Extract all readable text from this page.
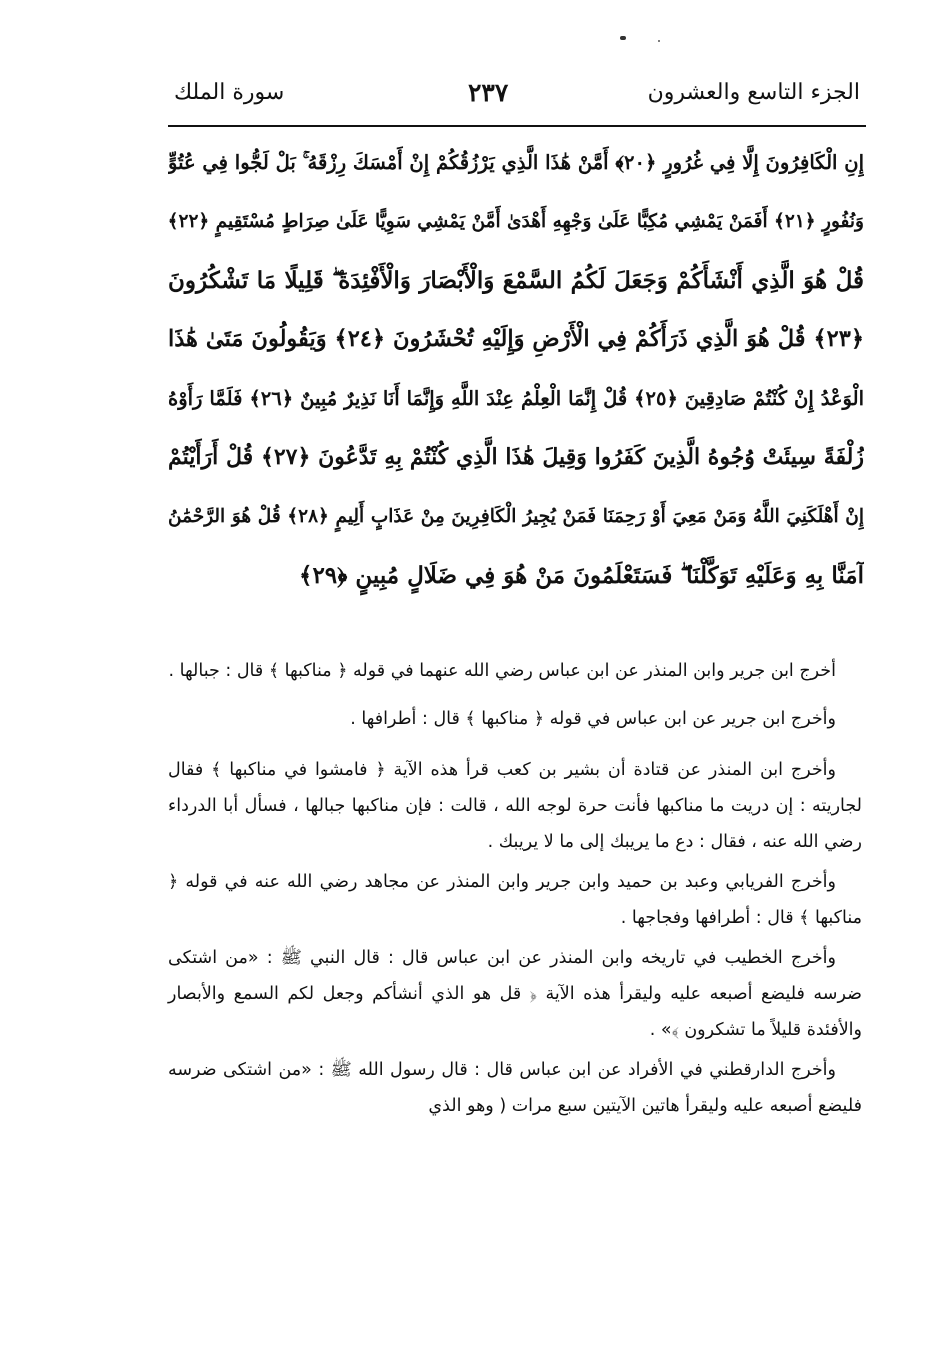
الجزء التاسع والعشرون
٢٣٧
سورة الملك
إِنِ الْكَافِرُونَ إِلَّا فِي غُرُورٍ ﴿٢٠﴾ أَمَّنْ هَٰذَا الَّذِي يَرْزُقُكُمْ إِنْ أَمْسَكَ رِزْقَهُ ۚ بَلْ لَجُّوا فِي عُتُوٍّ
وَنُفُورٍ ﴿٢١﴾ أَفَمَنْ يَمْشِي مُكِبًّا عَلَىٰ وَجْهِهِ أَهْدَىٰ أَمَّنْ يَمْشِي سَوِيًّا عَلَىٰ صِرَاطٍ مُسْتَقِيمٍ ﴿٢٢﴾
قُلْ هُوَ الَّذِي أَنْشَأَكُمْ وَجَعَلَ لَكُمُ السَّمْعَ وَالْأَبْصَارَ وَالْأَفْئِدَةَ ۖ قَلِيلًا مَا تَشْكُرُونَ
﴿٢٣﴾ قُلْ هُوَ الَّذِي ذَرَأَكُمْ فِي الْأَرْضِ وَإِلَيْهِ تُحْشَرُونَ ﴿٢٤﴾ وَيَقُولُونَ مَتَىٰ هَٰذَا
الْوَعْدُ إِنْ كُنْتُمْ صَادِقِينَ ﴿٢٥﴾ قُلْ إِنَّمَا الْعِلْمُ عِنْدَ اللَّهِ وَإِنَّمَا أَنَا نَذِيرٌ مُبِينٌ ﴿٢٦﴾ فَلَمَّا رَأَوْهُ
زُلْفَةً سِيئَتْ وُجُوهُ الَّذِينَ كَفَرُوا وَقِيلَ هَٰذَا الَّذِي كُنْتُمْ بِهِ تَدَّعُونَ ﴿٢٧﴾ قُلْ أَرَأَيْتُمْ
إِنْ أَهْلَكَنِيَ اللَّهُ وَمَنْ مَعِيَ أَوْ رَحِمَنَا فَمَنْ يُجِيرُ الْكَافِرِينَ مِنْ عَذَابٍ أَلِيمٍ ﴿٢٨﴾ قُلْ هُوَ الرَّحْمَٰنُ
آمَنَّا بِهِ وَعَلَيْهِ تَوَكَّلْنَا ۖ فَسَتَعْلَمُونَ مَنْ هُوَ فِي ضَلَالٍ مُبِينٍ ﴿٢٩﴾

أخرج ابن جرير وابن المنذر عن ابن عباس رضي الله عنهما في قوله ﴿ مناكبها ﴾ قال : جبالها .

وأخرج ابن جرير عن ابن عباس في قوله ﴿ مناكبها ﴾ قال : أطرافها .

وأخرج ابن المنذر عن قتادة أن بشير بن كعب قرأ هذه الآية ﴿ فامشوا في مناكبها ﴾ فقال لجاريته : إن دريت ما مناكبها فأنت حرة لوجه الله ، قالت : فإن مناكبها جبالها ، فسأل أبا الدرداء رضي الله عنه ، فقال : دع ما يريبك إلى ما لا يريبك .

وأخرج الفريابي وعبد بن حميد وابن جرير وابن المنذر عن مجاهد رضي الله عنه في قوله ﴿ مناكبها ﴾ قال : أطرافها وفجاجها .

وأخرج الخطيب في تاريخه وابن المنذر عن ابن عباس قال : قال النبي ﷺ : «من اشتكى ضرسه فليضع أصبعه عليه وليقرأ هذه الآية ﴿ قل هو الذي أنشأكم وجعل لكم السمع والأبصار والأفئدة قليلاً ما تشكرون ﴾» .

وأخرج الدارقطني في الأفراد عن ابن عباس قال : قال رسول الله ﷺ : «من اشتكى ضرسه فليضع أصبعه عليه وليقرأ هاتين الآيتين سبع مرات ( وهو الذي
